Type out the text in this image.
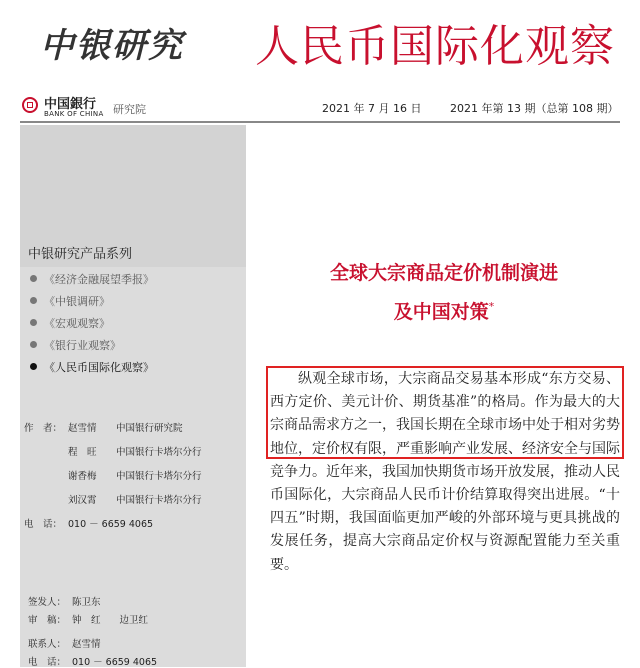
中银研究 人民币国际化观察
中国銀行
BANK OF CHINA 研究院	2021 年 7 月 16 日	2021 年第 13 期（总第 108 期）
中银研究产品系列
《经济金融展望季报》
《中银调研》
《宏观观察》
《银行业观察》
《人民币国际化观察》
作　者： 赵雪情 中国银行研究院
程　旺 中国银行卡塔尔分行
谢香梅 中国银行卡塔尔分行
刘汉霄 中国银行卡塔尔分行
电　话： 010 － 6659 4065
签发人： 陈卫东
审　稿： 钟　红　　边卫红
联系人： 赵雪情
电　话： 010 － 6659 4065
全球大宗商品定价机制演进
及中国对策*
纵观全球市场，大宗商品交易基本形成“东方交易、西方定价、美元计价、期货基准”的格局。作为最大的大宗商品需求方之一，我国长期在全球市场中处于相对劣势地位，定价权有限，严重影响产业发展、经济安全与国际竞争力。近年来，我国加快期货市场开放发展，推动人民币国际化，大宗商品人民币计价结算取得突出进展。“十四五”时期，我国面临更加严峻的外部环境与更具挑战的发展任务，提高大宗商品定价权与资源配置能力至关重要。
